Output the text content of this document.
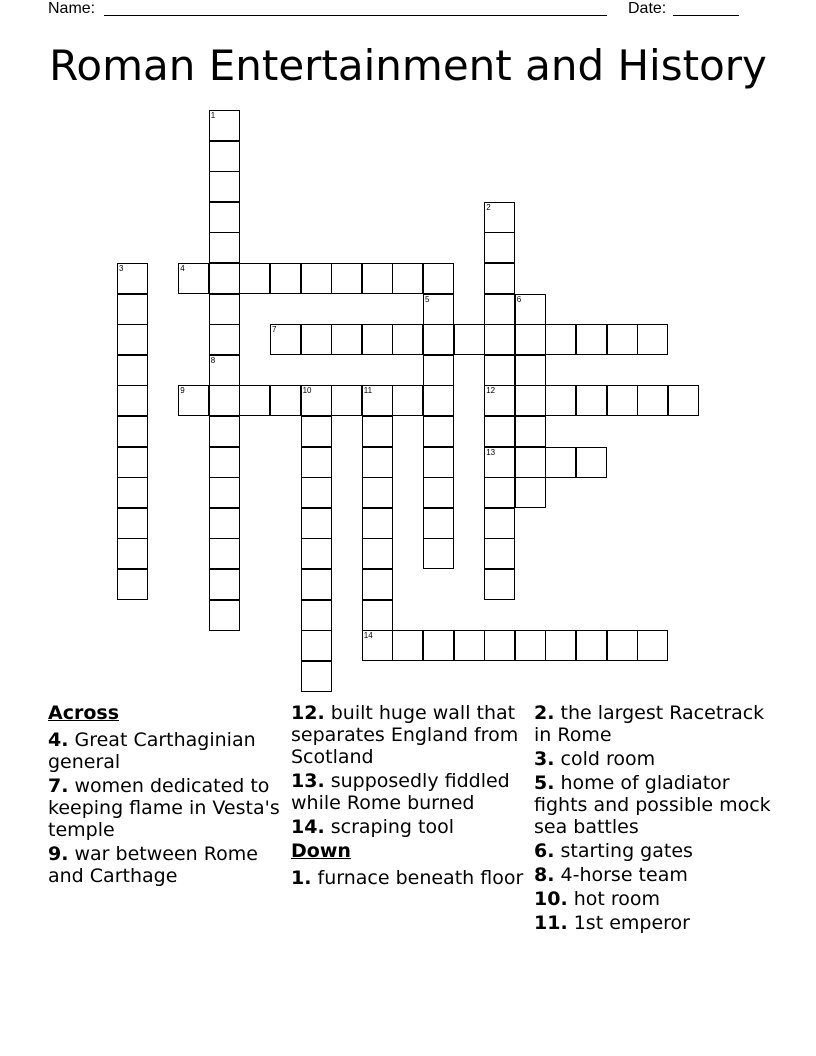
Name:	Date:
Roman Entertainment and History
1
2
12
13
3	4
5	6
7
8
9	10	11
14
Across
4. Great Carthaginian general
7. women dedicated to keeping flame in Vesta's temple
9. war between Rome and Carthage
12. built huge wall that separates England from Scotland
13. supposedly fiddled while Rome burned
14. scraping tool
Down
1. furnace beneath floor
2. the largest Racetrack in Rome
3. cold room
5. home of gladiator fights and possible mock sea battles
6. starting gates
8. 4-horse team
10. hot room
11. 1st emperor
